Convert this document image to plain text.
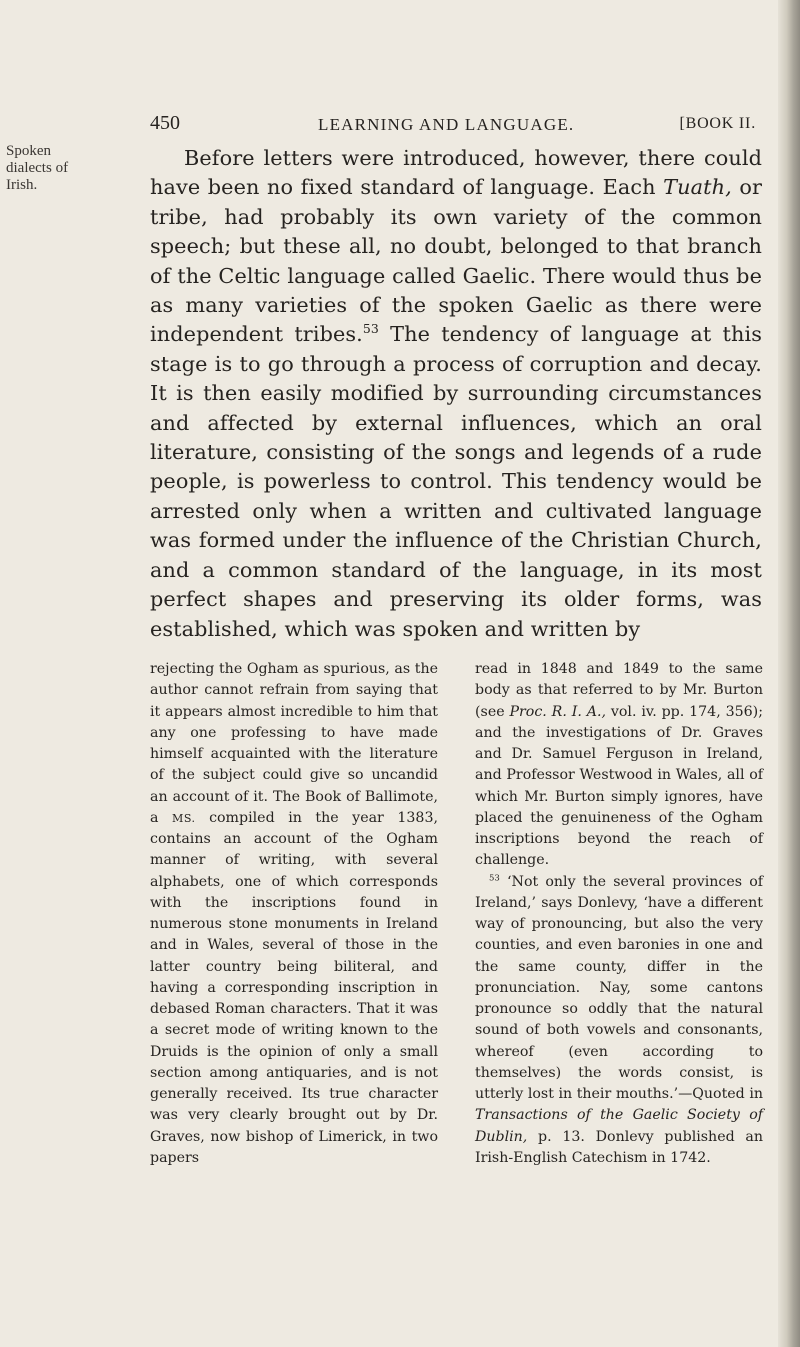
Spoken
dialects of
Irish.
450	LEARNING AND LANGUAGE.	[BOOK II.

Before letters were introduced, however, there could have been no fixed standard of language. Each Tuath, or tribe, had probably its own variety of the common speech; but these all, no doubt, belonged to that branch of the Celtic language called Gaelic. There would thus be as many varieties of the spoken Gaelic as there were independent tribes.$^{53}$ The tendency of language at this stage is to go through a process of corruption and decay. It is then easily modified by surrounding circumstances and affected by external influences, which an oral literature, consisting of the songs and legends of a rude people, is powerless to control. This tendency would be arrested only when a written and cultivated language was formed under the influence of the Christian Church, and a common standard of the language, in its most perfect shapes and preserving its older forms, was established, which was spoken and written by

rejecting the Ogham as spurious, as the author cannot refrain from saying that it appears almost incredible to him that any one professing to have made himself acquainted with the literature of the subject could give so uncandid an account of it. The Book of Ballimote, a MS. compiled in the year 1383, contains an account of the Ogham manner of writing, with several alphabets, one of which corresponds with the inscriptions found in numerous stone monuments in Ireland and in Wales, several of those in the latter country being biliteral, and having a corresponding inscription in debased Roman characters. That it was a secret mode of writing known to the Druids is the opinion of only a small section among antiquaries, and is not generally received. Its true character was very clearly brought out by Dr. Graves, now bishop of Limerick, in two papers

read in 1848 and 1849 to the same body as that referred to by Mr. Burton (see Proc. R. I. A., vol. iv. pp. 174, 356); and the investigations of Dr. Graves and Dr. Samuel Ferguson in Ireland, and Professor Westwood in Wales, all of which Mr. Burton simply ignores, have placed the genuineness of the Ogham inscriptions beyond the reach of challenge.

$^{53}$ ‘Not only the several provinces of Ireland,’ says Donlevy, ‘have a different way of pronouncing, but also the very counties, and even baronies in one and the same county, differ in the pronunciation. Nay, some cantons pronounce so oddly that the natural sound of both vowels and consonants, whereof (even according to themselves) the words consist, is utterly lost in their mouths.’—Quoted in Transactions of the Gaelic Society of Dublin, p. 13. Donlevy published an Irish-English Catechism in 1742.
